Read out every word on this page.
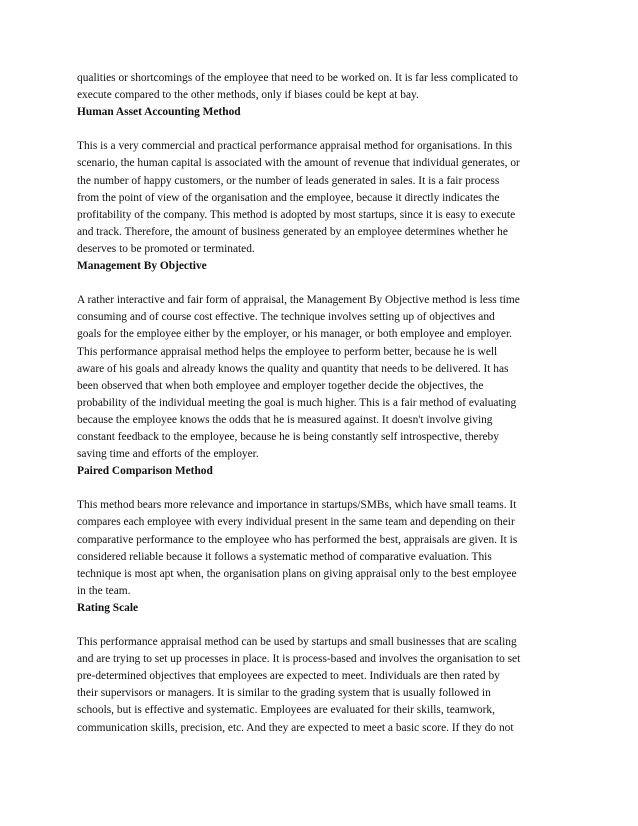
qualities or shortcomings of the employee that need to be worked on. It is far less complicated to
execute compared to the other methods, only if biases could be kept at bay.
Human Asset Accounting Method
This is a very commercial and practical performance appraisal method for organisations. In this
scenario, the human capital is associated with the amount of revenue that individual generates, or
the number of happy customers, or the number of leads generated in sales. It is a fair process
from the point of view of the organisation and the employee, because it directly indicates the
profitability of the company. This method is adopted by most startups, since it is easy to execute
and track. Therefore, the amount of business generated by an employee determines whether he
deserves to be promoted or terminated.
Management By Objective
A rather interactive and fair form of appraisal, the Management By Objective method is less time
consuming and of course cost effective. The technique involves setting up of objectives and
goals for the employee either by the employer, or his manager, or both employee and employer.
This performance appraisal method helps the employee to perform better, because he is well
aware of his goals and already knows the quality and quantity that needs to be delivered. It has
been observed that when both employee and employer together decide the objectives, the
probability of the individual meeting the goal is much higher. This is a fair method of evaluating
because the employee knows the odds that he is measured against. It doesn't involve giving
constant feedback to the employee, because he is being constantly self introspective, thereby
saving time and efforts of the employer.
Paired Comparison Method
This method bears more relevance and importance in startups/SMBs, which have small teams. It
compares each employee with every individual present in the same team and depending on their
comparative performance to the employee who has performed the best, appraisals are given. It is
considered reliable because it follows a systematic method of comparative evaluation. This
technique is most apt when, the organisation plans on giving appraisal only to the best employee
in the team.
Rating Scale
This performance appraisal method can be used by startups and small businesses that are scaling
and are trying to set up processes in place. It is process-based and involves the organisation to set
pre-determined objectives that employees are expected to meet. Individuals are then rated by
their supervisors or managers. It is similar to the grading system that is usually followed in
schools, but is effective and systematic. Employees are evaluated for their skills, teamwork,
communication skills, precision, etc. And they are expected to meet a basic score. If they do not
